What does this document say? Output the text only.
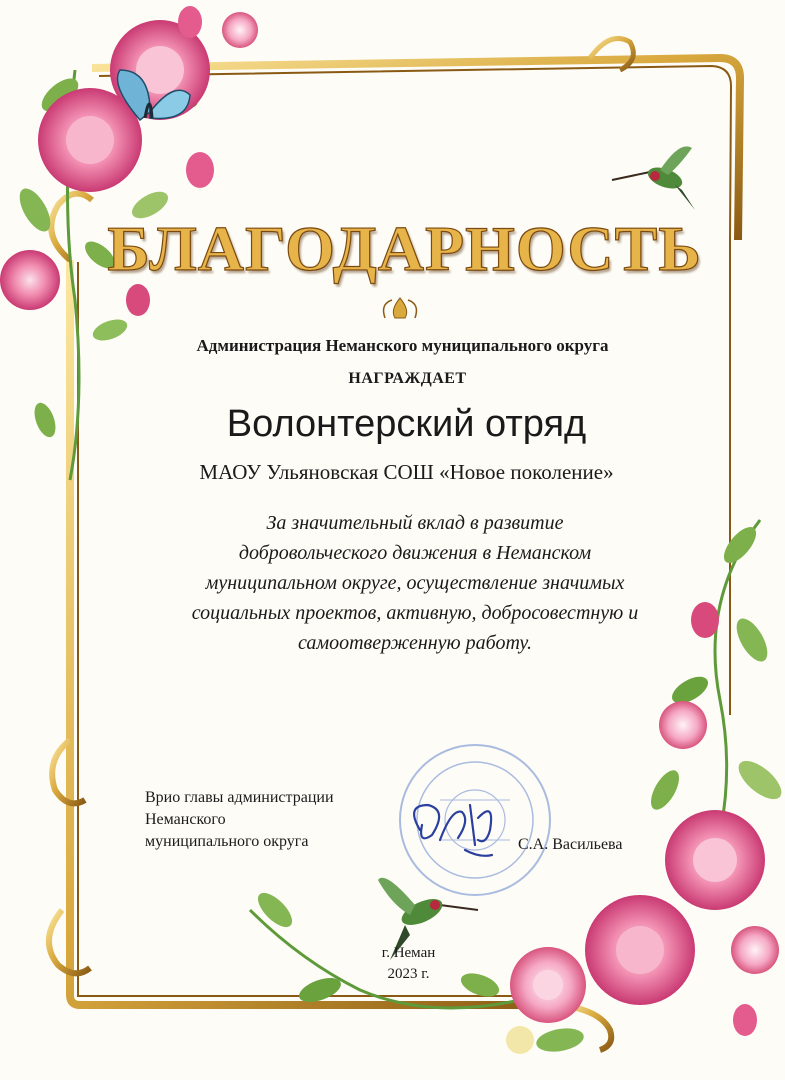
БЛАГОДАРНОСТЬ

Администрация Неманского муниципального округа

НАГРАЖДАЕТ

Волонтерский отряд

МАОУ Ульяновская СОШ «Новое поколение»

За значительный вклад в развитие
добровольческого движения в Неманском
муниципальном округе, осуществление значимых
социальных проектов, активную, добросовестную и
самоотверженную работу.

Врио главы администрации
Неманского
муниципального округа	С.А. Васильева

г. Неман

2023 г.
